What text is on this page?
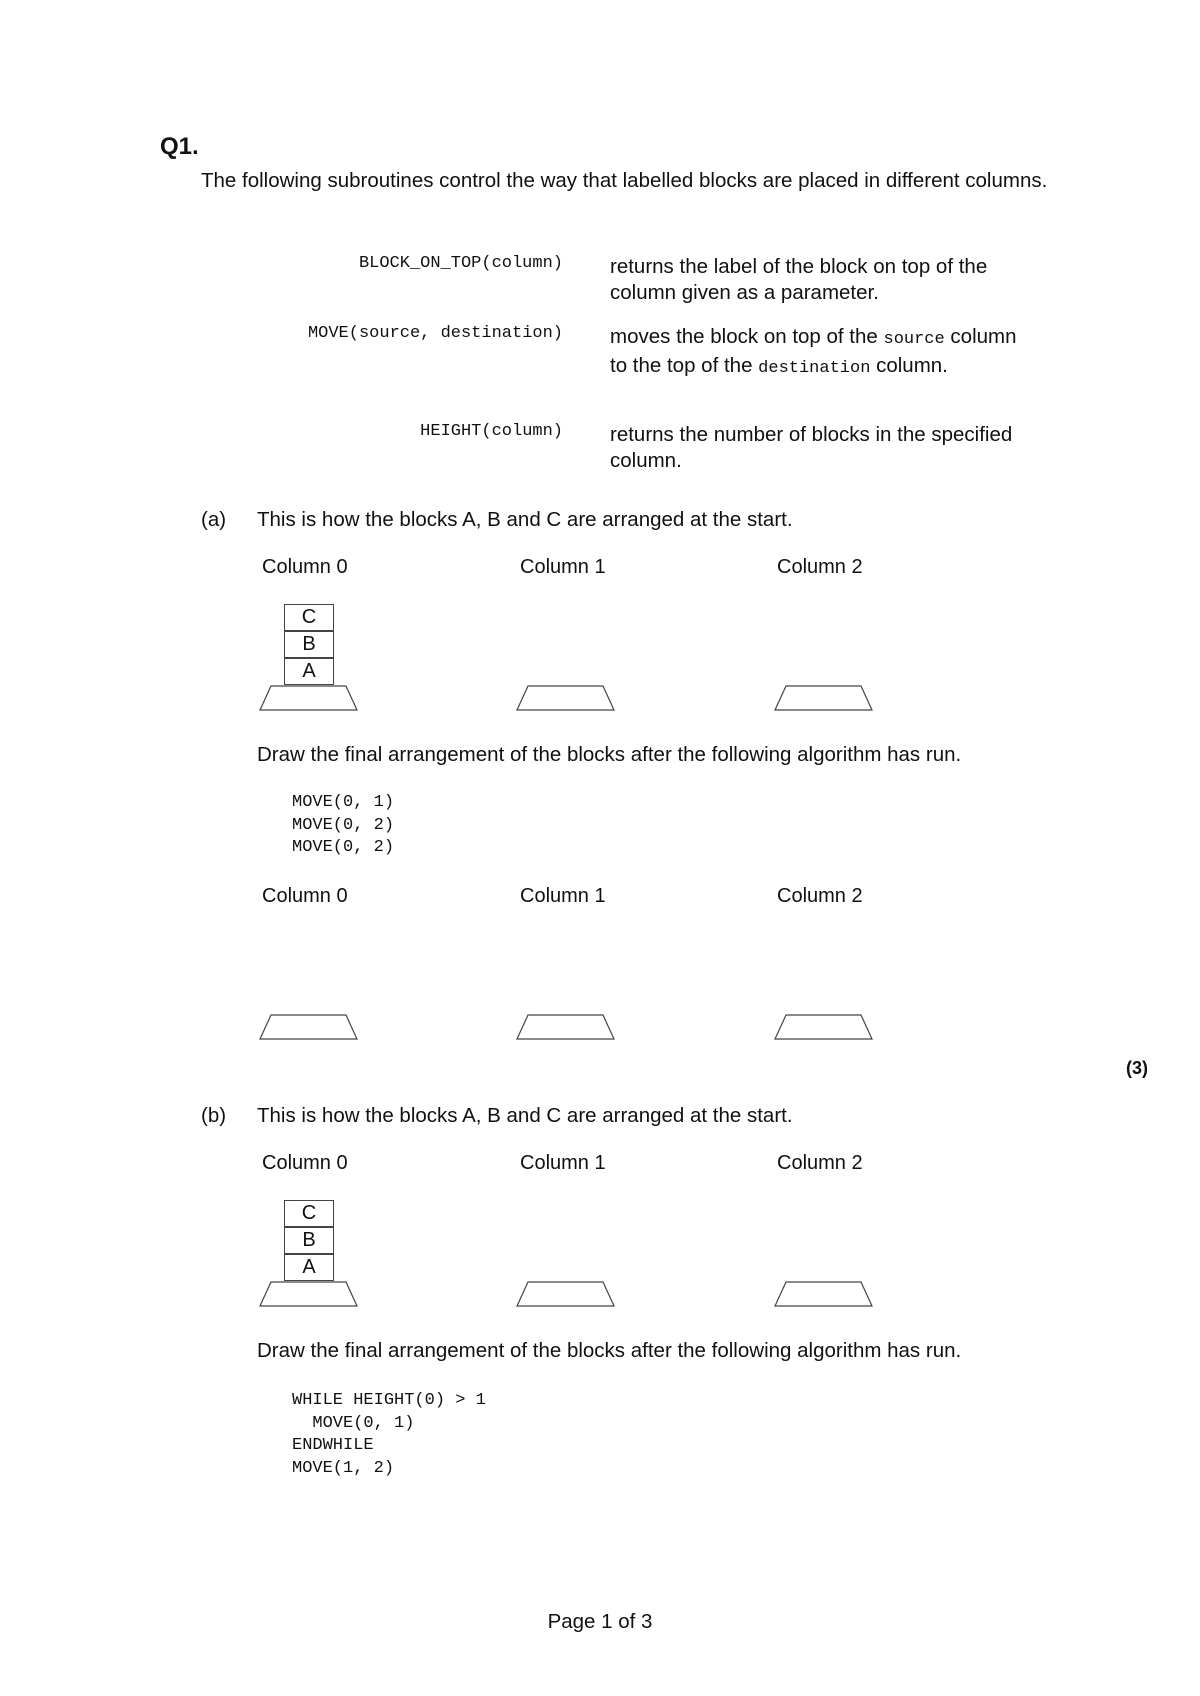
Q1.
The following subroutines control the way that labelled blocks are placed in different columns.
BLOCK_ON_TOP(column) returns the label of the block on top of the column given as a parameter.
MOVE(source, destination) moves the block on top of the source column to the top of the destination column.
HEIGHT(column) returns the number of blocks in the specified column.
(a) This is how the blocks A, B and C are arranged at the start.
Column 0	Column 1	Column 2
C
B
A
Draw the final arrangement of the blocks after the following algorithm has run.
MOVE(0, 1)
MOVE(0, 2)
MOVE(0, 2)
Column 0	Column 1	Column 2
(3)
(b) This is how the blocks A, B and C are arranged at the start.
Column 0	Column 1	Column 2
C
B
A
Draw the final arrangement of the blocks after the following algorithm has run.
WHILE HEIGHT(0) > 1
MOVE(0, 1)
ENDWHILE
MOVE(1, 2)
Page 1 of 3
